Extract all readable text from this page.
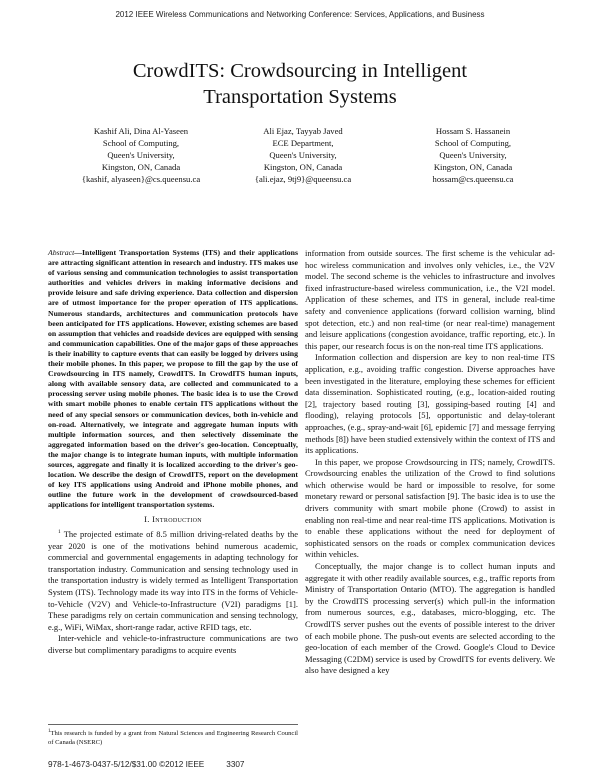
2012 IEEE Wireless Communications and Networking Conference: Services, Applications, and Business
CrowdITS: Crowdsourcing in Intelligent
Transportation Systems
Kashif Ali, Dina Al-Yaseen
School of Computing,
Queen's University,
Kingston, ON, Canada
{kashif, alyaseen}@cs.queensu.ca
Ali Ejaz, Tayyab Javed
ECE Department,
Queen's University,
Kingston, ON, Canada
{ali.ejaz, 9tj9}@queensu.ca
Hossam S. Hassanein
School of Computing,
Queen's University,
Kingston, ON, Canada
hossam@cs.queensu.ca

Abstract—Intelligent Transportation Systems (ITS) and their applications are attracting significant attention in research and industry. ITS makes use of various sensing and communication technologies to assist transportation authorities and vehicles drivers in making informative decisions and provide leisure and safe driving experience. Data collection and dispersion are of utmost importance for the proper operation of ITS applications. Numerous standards, architectures and communication protocols have been anticipated for ITS applications. However, existing schemes are based on assumption that vehicles and roadside devices are equipped with sensing and communication capabilities. One of the major gaps of these approaches is their inability to capture events that can easily be logged by drivers using their mobile phones. In this paper, we propose to fill the gap by the use of Crowdsourcing in ITS namely, CrowdITS. In CrowdITS human inputs, along with available sensory data, are collected and communicated to a processing server using mobile phones. The basic idea is to use the Crowd with smart mobile phones to enable certain ITS applications without the need of any special sensors or communication devices, both in-vehicle and on-road. Alternatively, we integrate and aggregate human inputs with multiple information sources, and then selectively disseminate the aggregated information based on the driver's geo-location. Conceptually, the major change is to integrate human inputs, with multiple information sources, aggregate and finally it is localized according to the driver's geo-location. We describe the design of CrowdITS, report on the development of key ITS applications using Android and iPhone mobile phones, and outline the future work in the development of crowdsourced-based applications for intelligent transportation systems.

I. Introduction

$^1$ The projected estimate of 8.5 million driving-related deaths by the year 2020 is one of the motivations behind numerous academic, commercial and governmental engagements in adapting technology for transportation industry. Communication and sensing technology used in the transportation industry is widely termed as Intelligent Transportation System (ITS). Technology made its way into ITS in the forms of Vehicle-to-Vehicle (V2V) and Vehicle-to-Infrastructure (V2I) paradigms [1]. These paradigms rely on certain communication and sensing technology, e.g., WiFi, WiMax, short-range radar, active RFID tags, etc.

Inter-vehicle and vehicle-to-infrastructure communications are two diverse but complimentary paradigms to acquire events

$^1$This research is funded by a grant from Natural Sciences and Engineering Research Council of Canada (NSERC)

information from outside sources. The first scheme is the vehicular ad-hoc wireless communication and involves only vehicles, i.e., the V2V model. The second scheme is the vehicles to infrastructure and involves fixed infrastructure-based wireless communication, i.e., the V2I model. Application of these schemes, and ITS in general, include real-time safety and convenience applications (forward collision warning, blind spot detection, etc.) and non real-time (or near real-time) management and leisure applications (congestion avoidance, traffic reporting, etc.). In this paper, our research focus is on the non-real time ITS applications.

Information collection and dispersion are key to non real-time ITS application, e.g., avoiding traffic congestion. Diverse approaches have been investigated in the literature, employing these schemes for efficient data dissemination. Sophisticated routing, (e.g., location-aided routing [2], trajectory based routing [3], gossiping-based routing [4] and flooding), relaying protocols [5], opportunistic and delay-tolerant approaches, (e.g., spray-and-wait [6], epidemic [7] and message ferrying methods [8]) have been studied extensively within the context of ITS and its applications.

In this paper, we propose Crowdsourcing in ITS; namely, CrowdITS. Crowdsourcing enables the utilization of the Crowd to find solutions which otherwise would be hard or impossible to resolve, for some monetary reward or personal satisfaction [9]. The basic idea is to use the drivers community with smart mobile phone (Crowd) to assist in enabling non real-time and near real-time ITS applications. Motivation is to enable these applications without the need for deployment of sophisticated sensors on the roads or complex communication devices within vehicles.

Conceptually, the major change is to collect human inputs and aggregate it with other readily available sources, e.g., traffic reports from Ministry of Transportation Ontario (MTO). The aggregation is handled by the CrowdITS processing server(s) which pull-in the information from numerous sources, e.g., databases, micro-blogging, etc. The CrowdITS server pushes out the events of possible interest to the driver of each mobile phone. The push-out events are selected according to the geo-location of each member of the Crowd. Google's Cloud to Device Messaging (C2DM) service is used by CrowdITS for events delivery. We also have designed a key

978-1-4673-0437-5/12/$31.00 ©2012 IEEE	3307
